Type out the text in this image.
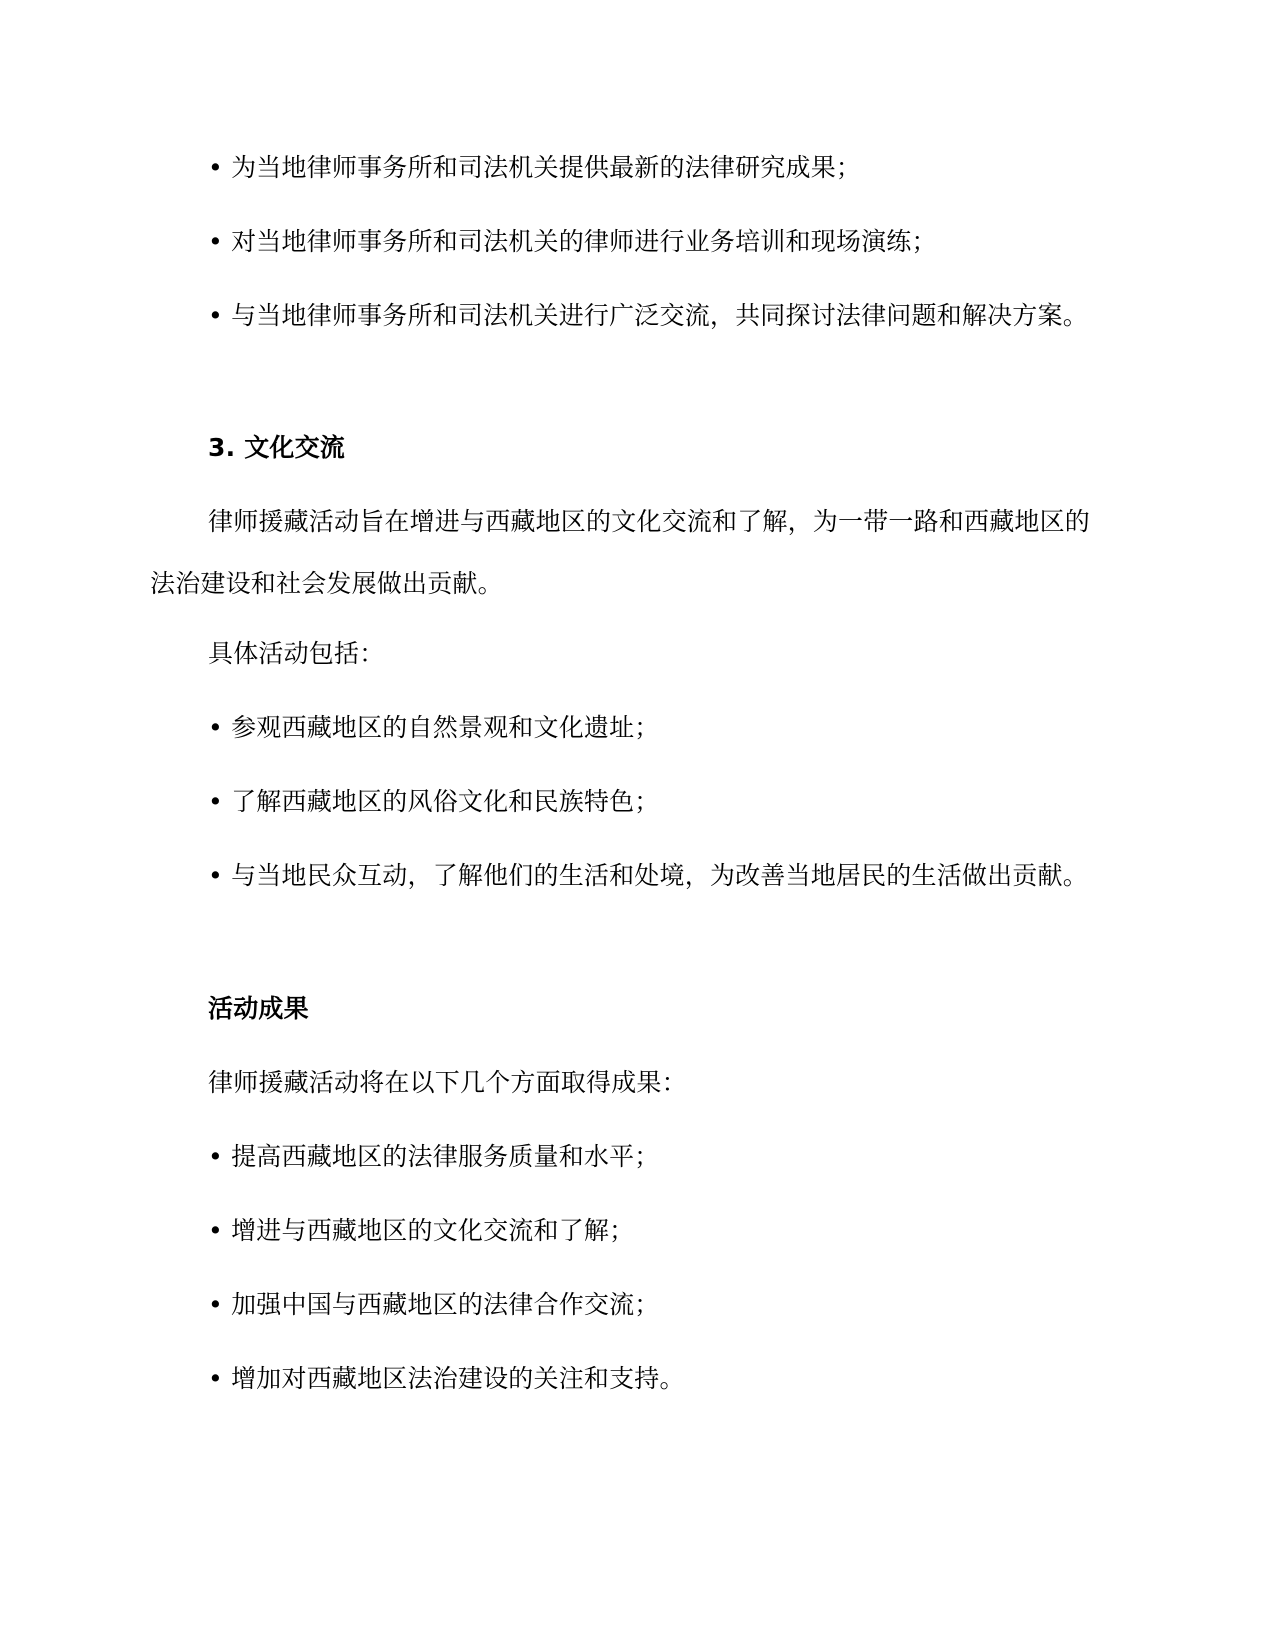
• 为当地律师事务所和司法机关提供最新的法律研究成果；

• 对当地律师事务所和司法机关的律师进行业务培训和现场演练；

• 与当地律师事务所和司法机关进行广泛交流，共同探讨法律问题和解决方案。

3. 文化交流

律师援藏活动旨在增进与西藏地区的文化交流和了解，为一带一路和西藏地区的法治建设和社会发展做出贡献。

具体活动包括：

• 参观西藏地区的自然景观和文化遗址；

• 了解西藏地区的风俗文化和民族特色；

• 与当地民众互动，了解他们的生活和处境，为改善当地居民的生活做出贡献。

活动成果

律师援藏活动将在以下几个方面取得成果：

• 提高西藏地区的法律服务质量和水平；

• 增进与西藏地区的文化交流和了解；

• 加强中国与西藏地区的法律合作交流；

• 增加对西藏地区法治建设的关注和支持。
